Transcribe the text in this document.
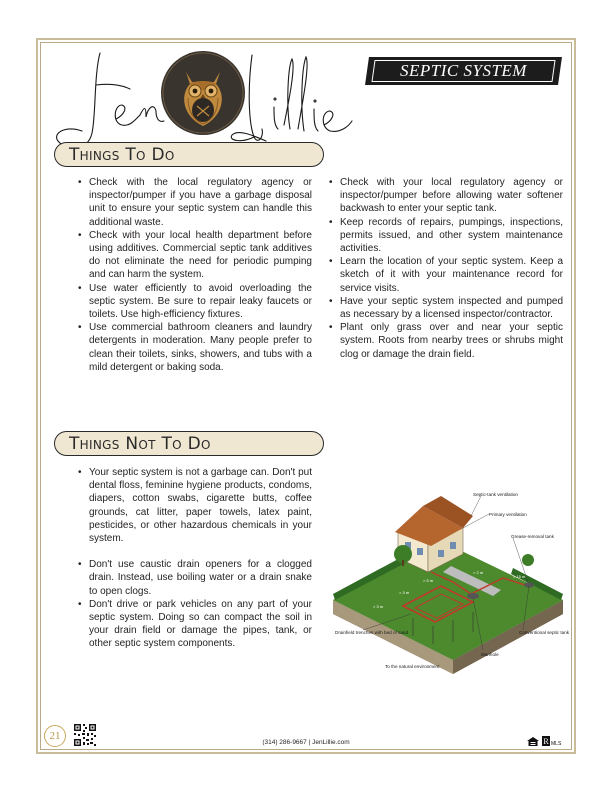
SEPTIC SYSTEM
Things To Do
• Check with the local regulatory agency or inspector/pumper if you have a garbage disposal unit to ensure your septic system can handle this additional waste.
• Check with your local health department before using additives. Commercial septic tank additives do not eliminate the need for periodic pumping and can harm the system.
• Use water efficiently to avoid overloading the septic system. Be sure to repair leaky faucets or toilets. Use high-efficiency fixtures.
• Use commercial bathroom cleaners and laundry detergents in moderation. Many people prefer to clean their toilets, sinks, showers, and tubs with a mild detergent or baking soda.
• Check with your local regulatory agency or inspector/pumper before allowing water softener backwash to enter your septic tank.
• Keep records of repairs, pumpings, inspections, permits issued, and other system maintenance activities.
• Learn the location of your septic system. Keep a sketch of it with your maintenance record for service visits.
• Have your septic system inspected and pumped as necessary by a licensed inspector/contractor.
• Plant only grass over and near your septic system. Roots from nearby trees or shrubs might clog or damage the drain field.
Things Not To Do
• Your septic system is not a garbage can. Don't put dental floss, feminine hygiene products, condoms, diapers, cotton swabs, cigarette butts, coffee grounds, cat litter, paper towels, latex paint, pesticides, or other hazardous chemicals in your system.
• Don't use caustic drain openers for a clogged drain. Instead, use boiling water or a drain snake to open clogs.
• Don't drive or park vehicles on any part of your septic system. Doing so can compact the soil in your drain field or damage the pipes, tank, or other septic system components.
Septic-tank ventilation
Primary ventilation
Grease-removal tank
Conventional septic tank
Manhole
To the natural environment
Drainfield trenches with bed of sand
> 5 m
> 3 m
> 3 m
> 15 m
> 2 m
21
(314) 286-9667 | JenLillie.com	R MLS
